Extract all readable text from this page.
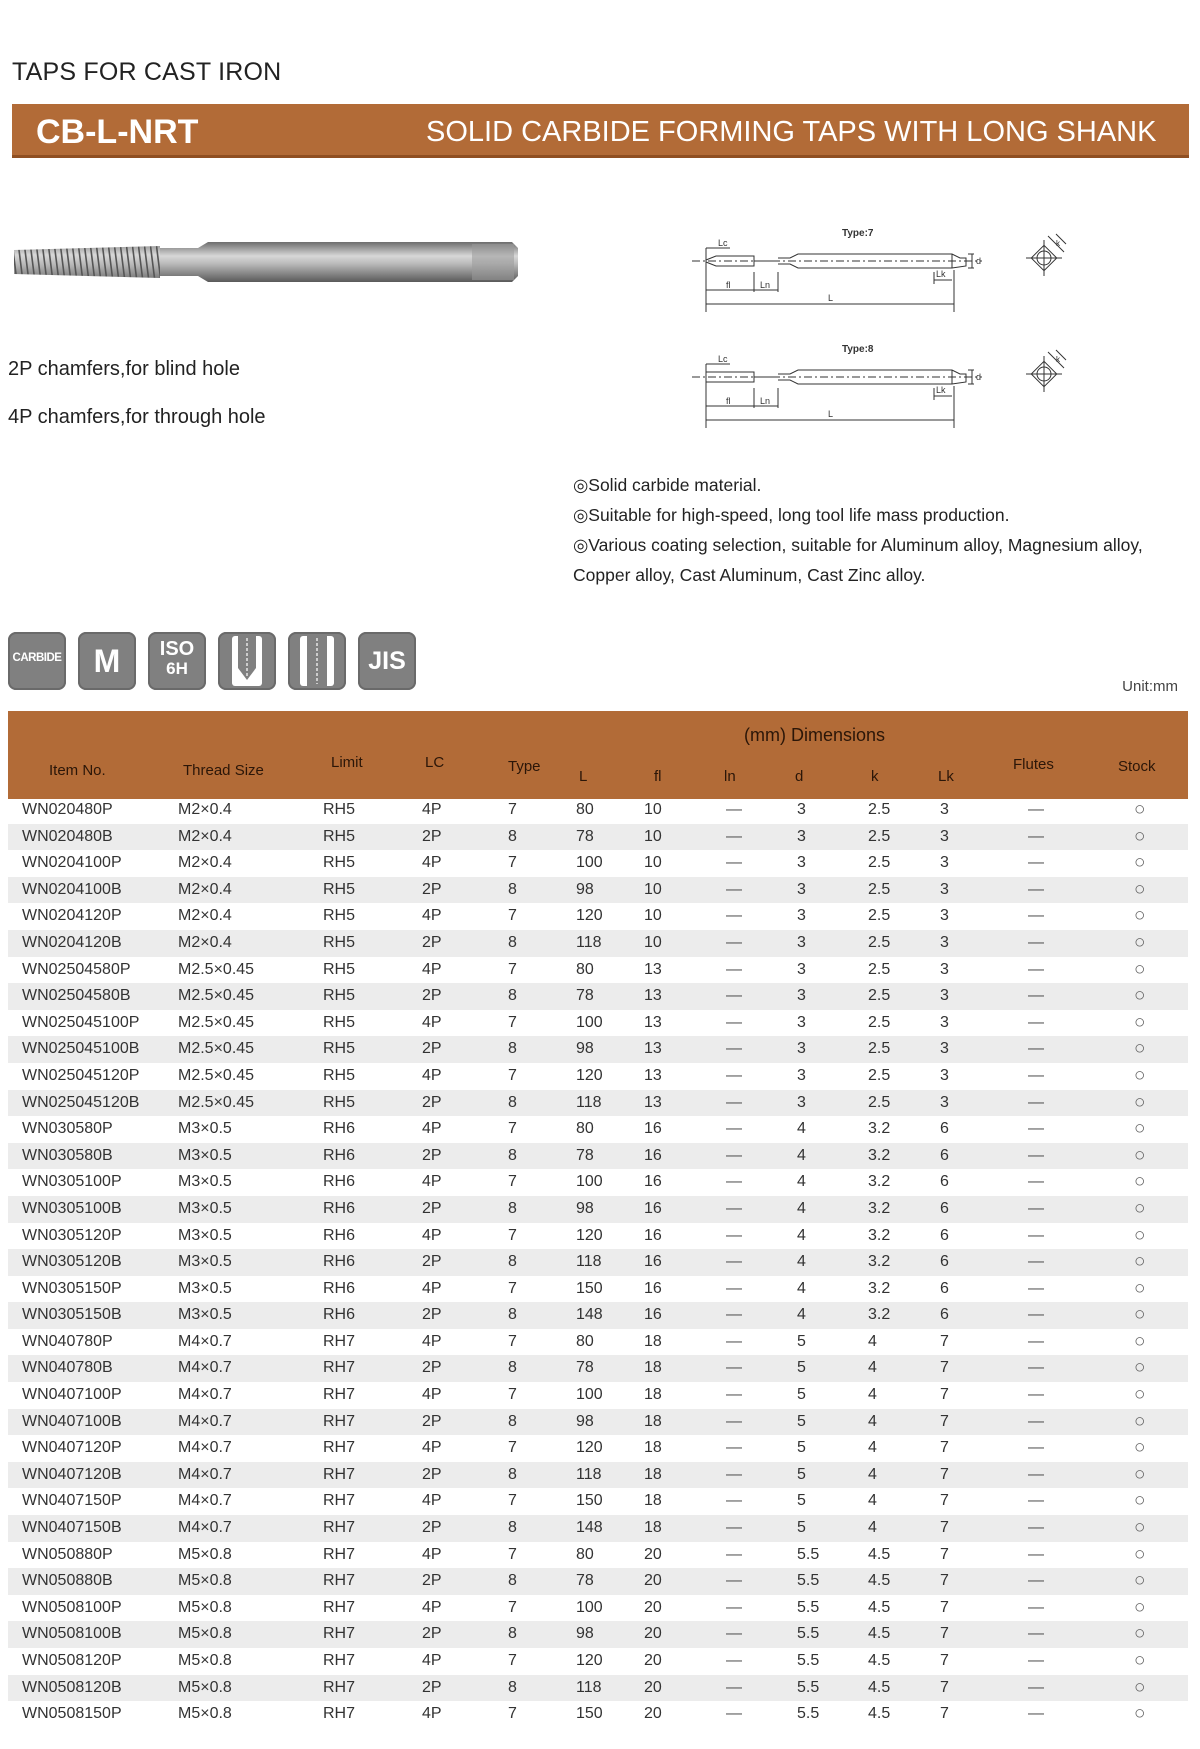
TAPS FOR CAST IRON
CB-L-NRT	SOLID CARBIDE FORMING TAPS WITH LONG SHANK
2P chamfers,for blind hole
4P chamfers,for through hole
Type:7
Lc
fl	Ln
Lk
L
d
k
Type:8
Lc
fl	Ln
Lk
L
d
k
◎Solid carbide material.
◎Suitable for high-speed, long tool life mass production.
◎Various coating selection, suitable for Aluminum alloy, Magnesium alloy,
Copper alloy, Cast Aluminum, Cast Zinc alloy.
CARBIDE	M	ISO
6H	JIS
Unit:mm
(mm) Dimensions
Item No.	Thread Size	Limit	LC	Type
L	fl	ln	d	k	Lk
Flutes	Stock
WN020480P	M2×0.4	RH5	4P	7	80	10	—	3	2.5	3	—	○
WN020480B	M2×0.4	RH5	2P	8	78	10	—	3	2.5	3	—	○
WN0204100P	M2×0.4	RH5	4P	7	100	10	—	3	2.5	3	—	○
WN0204100B	M2×0.4	RH5	2P	8	98	10	—	3	2.5	3	—	○
WN0204120P	M2×0.4	RH5	4P	7	120	10	—	3	2.5	3	—	○
WN0204120B	M2×0.4	RH5	2P	8	118	10	—	3	2.5	3	—	○
WN02504580P	M2.5×0.45	RH5	4P	7	80	13	—	3	2.5	3	—	○
WN02504580B	M2.5×0.45	RH5	2P	8	78	13	—	3	2.5	3	—	○
WN025045100P M2.5×0.45	RH5	4P	7	100	13	—	3	2.5	3	—	○
WN025045100B M2.5×0.45	RH5	2P	8	98	13	—	3	2.5	3	—	○
WN025045120P M2.5×0.45	RH5	4P	7	120	13	—	3	2.5	3	—	○
WN025045120B M2.5×0.45	RH5	2P	8	118	13	—	3	2.5	3	—	○
WN030580P	M3×0.5	RH6	4P	7	80	16	—	4	3.2	6	—	○
WN030580B	M3×0.5	RH6	2P	8	78	16	—	4	3.2	6	—	○
WN0305100P	M3×0.5	RH6	4P	7	100	16	—	4	3.2	6	—	○
WN0305100B	M3×0.5	RH6	2P	8	98	16	—	4	3.2	6	—	○
WN0305120P	M3×0.5	RH6	4P	7	120	16	—	4	3.2	6	—	○
WN0305120B	M3×0.5	RH6	2P	8	118	16	—	4	3.2	6	—	○
WN0305150P	M3×0.5	RH6	4P	7	150	16	—	4	3.2	6	—	○
WN0305150B	M3×0.5	RH6	2P	8	148	16	—	4	3.2	6	—	○
WN040780P	M4×0.7	RH7	4P	7	80	18	—	5	4	7	—	○
WN040780B	M4×0.7	RH7	2P	8	78	18	—	5	4	7	—	○
WN0407100P	M4×0.7	RH7	4P	7	100	18	—	5	4	7	—	○
WN0407100B	M4×0.7	RH7	2P	8	98	18	—	5	4	7	—	○
WN0407120P	M4×0.7	RH7	4P	7	120	18	—	5	4	7	—	○
WN0407120B	M4×0.7	RH7	2P	8	118	18	—	5	4	7	—	○
WN0407150P	M4×0.7	RH7	4P	7	150	18	—	5	4	7	—	○
WN0407150B	M4×0.7	RH7	2P	8	148	18	—	5	4	7	—	○
WN050880P	M5×0.8	RH7	4P	7	80	20	—	5.5	4.5	7	—	○
WN050880B	M5×0.8	RH7	2P	8	78	20	—	5.5	4.5	7	—	○
WN0508100P	M5×0.8	RH7	4P	7	100	20	—	5.5	4.5	7	—	○
WN0508100B	M5×0.8	RH7	2P	8	98	20	—	5.5	4.5	7	—	○
WN0508120P	M5×0.8	RH7	4P	7	120	20	—	5.5	4.5	7	—	○
WN0508120B	M5×0.8	RH7	2P	8	118	20	—	5.5	4.5	7	—	○
WN0508150P	M5×0.8	RH7	4P	7	150	20	—	5.5	4.5	7	—	○
